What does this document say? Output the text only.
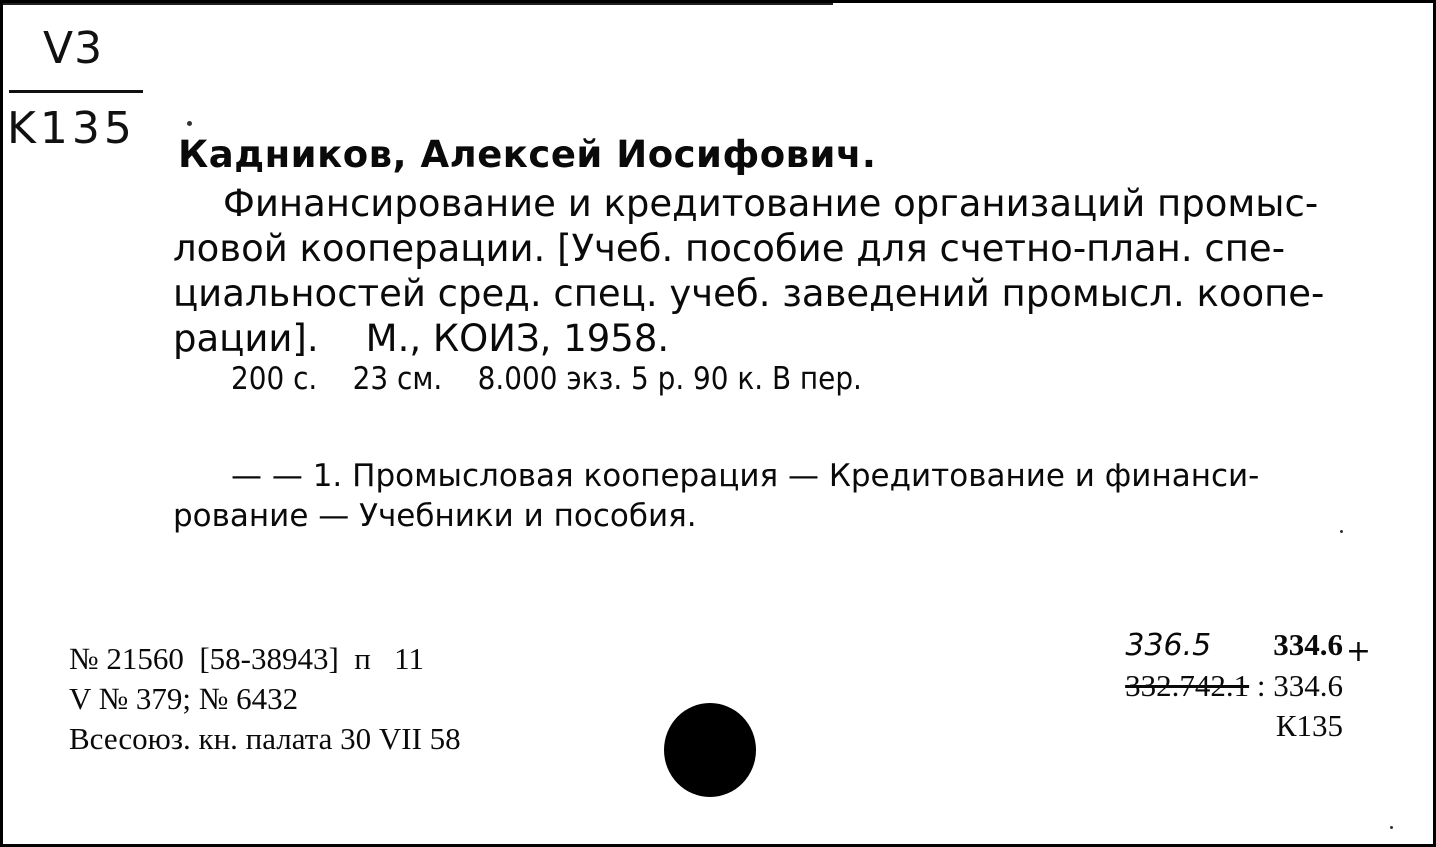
V3
K135
Кадников, Алексей Иосифович.
Финансирование и кредитование организаций промыс-
ловой кооперации. [Учеб. пособие для счетно-план. спе-
циальностей сред. спец. учеб. заведений промысл. коопе-
рации].    М., КОИЗ, 1958.
200 с.    23 см.    8.000 экз. 5 р. 90 к. В пер.
— — 1. Промысловая кооперация — Кредитование и финанси-
рование — Учебники и пособия.
№ 21560  [58-38943]  п   11
V № 379; № 6432
Всесоюз. кн. палата 30 VII 58
336.5 334.6
332.742.1 : 334.6
К135
+
